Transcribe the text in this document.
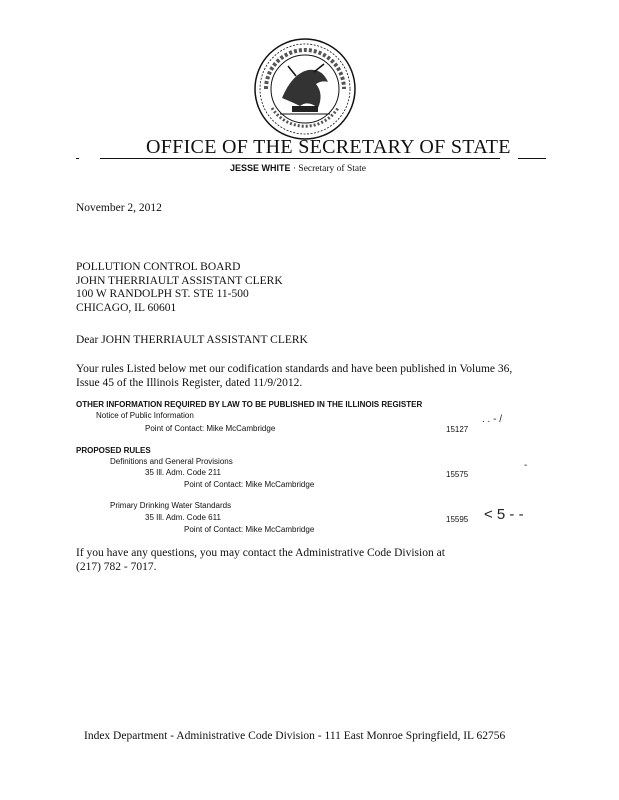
OFFICE OF THE SECRETARY OF STATE
JESSE WHITE · Secretary of State
November 2, 2012
POLLUTION CONTROL BOARD
JOHN THERRIAULT ASSISTANT CLERK
100 W RANDOLPH ST. STE 11-500
CHICAGO, IL 60601
Dear JOHN THERRIAULT ASSISTANT CLERK
Your rules Listed below met our codification standards and have been published in Volume 36,
Issue 45 of the Illinois Register, dated 11/9/2012.
OTHER INFORMATION REQUIRED BY LAW TO BE PUBLISHED IN THE ILLINOIS REGISTER
Notice of Public Information
Point of Contact: Mike McCambridge	15127
. . - /
PROPOSED RULES
Definitions and General Provisions
35 Ill. Adm. Code 211
Point of Contact: Mike McCambridge
15575
-
Primary Drinking Water Standards
35 Ill. Adm. Code 611
Point of Contact: Mike McCambridge
15595 < 5 - -
If you have any questions, you may contact the Administrative Code Division at
(217) 782 - 7017.
Index Department - Administrative Code Division - 111 East Monroe Springfield, IL 62756
